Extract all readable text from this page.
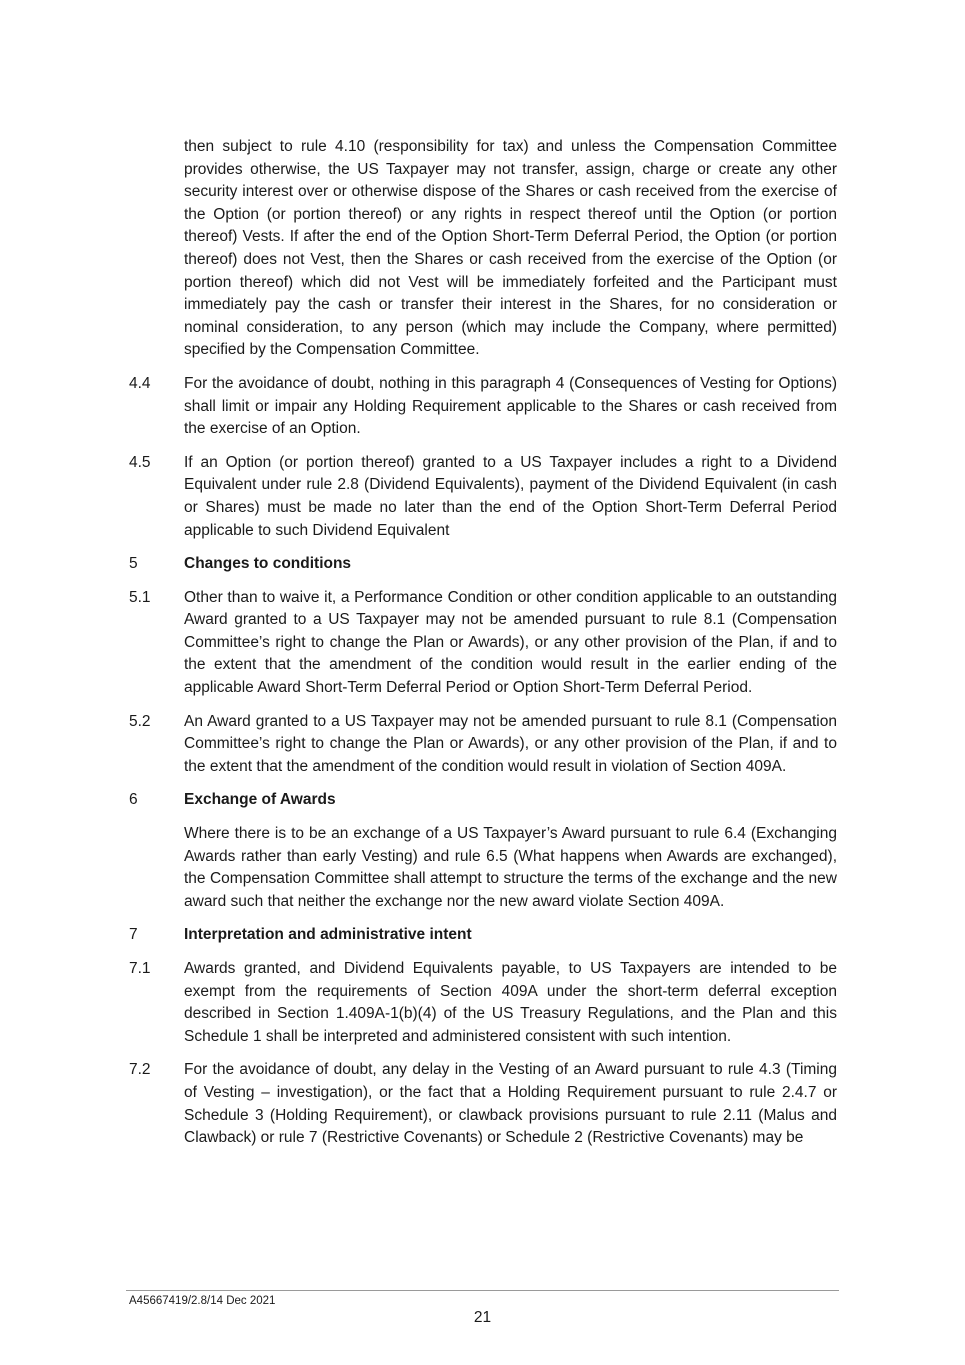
then subject to rule 4.10 (responsibility for tax) and unless the Compensation Committee provides otherwise, the US Taxpayer may not transfer, assign, charge or create any other security interest over or otherwise dispose of the Shares or cash received from the exercise of the Option (or portion thereof) or any rights in respect thereof until the Option (or portion thereof) Vests. If after the end of the Option Short-Term Deferral Period, the Option (or portion thereof) does not Vest, then the Shares or cash received from the exercise of the Option (or portion thereof) which did not Vest will be immediately forfeited and the Participant must immediately pay the cash or transfer their interest in the Shares, for no consideration or nominal consideration, to any person (which may include the Company, where permitted) specified by the Compensation Committee.

4.4	For the avoidance of doubt, nothing in this paragraph 4 (Consequences of Vesting for Options) shall limit or impair any Holding Requirement applicable to the Shares or cash received from the exercise of an Option.

4.5	If an Option (or portion thereof) granted to a US Taxpayer includes a right to a Dividend Equivalent under rule 2.8 (Dividend Equivalents), payment of the Dividend Equivalent (in cash or Shares) must be made no later than the end of the Option Short-Term Deferral Period applicable to such Dividend Equivalent

5	Changes to conditions

5.1	Other than to waive it, a Performance Condition or other condition applicable to an outstanding Award granted to a US Taxpayer may not be amended pursuant to rule 8.1 (Compensation Committee’s right to change the Plan or Awards), or any other provision of the Plan, if and to the extent that the amendment of the condition would result in the earlier ending of the applicable Award Short-Term Deferral Period or Option Short-Term Deferral Period.

5.2	An Award granted to a US Taxpayer may not be amended pursuant to rule 8.1 (Compensation Committee’s right to change the Plan or Awards), or any other provision of the Plan, if and to the extent that the amendment of the condition would result in violation of Section 409A.

6	Exchange of Awards

Where there is to be an exchange of a US Taxpayer’s Award pursuant to rule 6.4 (Exchanging Awards rather than early Vesting) and rule 6.5 (What happens when Awards are exchanged), the Compensation Committee shall attempt to structure the terms of the exchange and the new award such that neither the exchange nor the new award violate Section 409A.

7	Interpretation and administrative intent

7.1	Awards granted, and Dividend Equivalents payable, to US Taxpayers are intended to be exempt from the requirements of Section 409A under the short-term deferral exception described in Section 1.409A-1(b)(4) of the US Treasury Regulations, and the Plan and this Schedule 1 shall be interpreted and administered consistent with such intention.

7.2	For the avoidance of doubt, any delay in the Vesting of an Award pursuant to rule 4.3 (Timing of Vesting – investigation), or the fact that a Holding Requirement pursuant to rule 2.4.7 or Schedule 3 (Holding Requirement), or clawback provisions pursuant to rule 2.11 (Malus and Clawback) or rule 7 (Restrictive Covenants) or Schedule 2 (Restrictive Covenants) may be

A45667419/2.8/14 Dec 2021
21
